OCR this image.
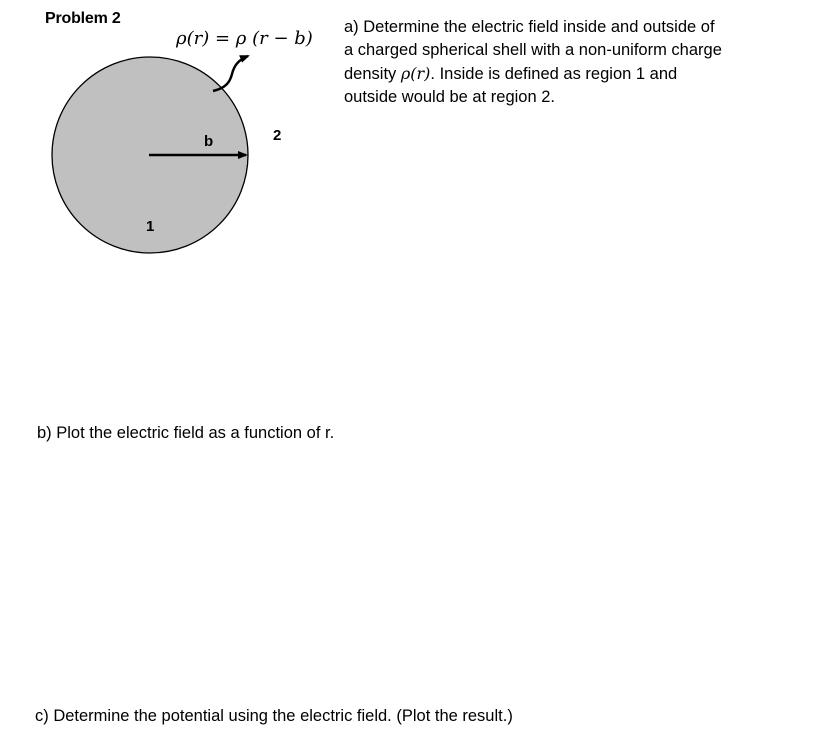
Problem 2
ρ(r) = ρ (r − b)
b	2
1
a) Determine the electric field inside and outside of
a charged spherical shell with a non-uniform charge
density ρ(r). Inside is defined as region 1 and
outside would be at region 2.
b) Plot the electric field as a function of r.
c) Determine the potential using the electric field. (Plot the result.)
